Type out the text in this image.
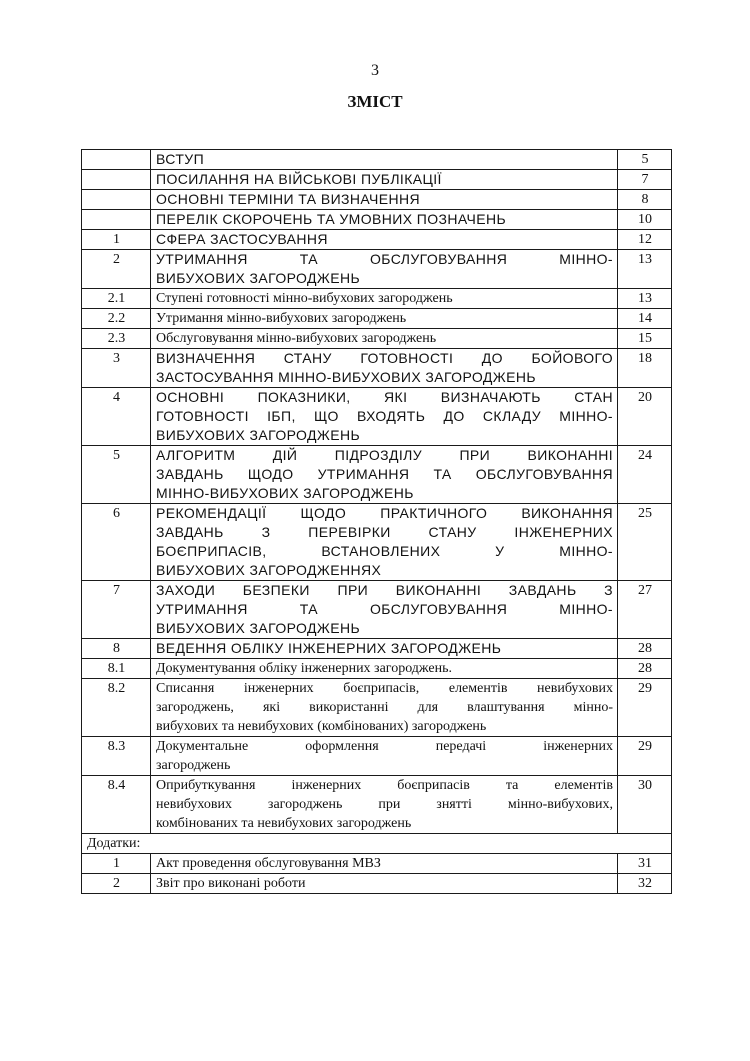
3
ЗМІСТ
	ВСТУП	5
	ПОСИЛАННЯ НА ВІЙСЬКОВІ ПУБЛІКАЦІЇ	7
	ОСНОВНІ ТЕРМІНИ ТА ВИЗНАЧЕННЯ	8
	ПЕРЕЛІК СКОРОЧЕНЬ ТА УМОВНИХ ПОЗНАЧЕНЬ	10
1	СФЕРА ЗАСТОСУВАННЯ	12
2	УТРИМАННЯ ТА ОБСЛУГОВУВАННЯ МІННО-
ВИБУХОВИХ ЗАГОРОДЖЕНЬ	13
2.1	Ступені готовності мінно-вибухових загороджень	13
2.2	Утримання мінно-вибухових загороджень	14
2.3	Обслуговування мінно-вибухових загороджень	15
3	ВИЗНАЧЕННЯ СТАНУ ГОТОВНОСТІ ДО БОЙОВОГО
ЗАСТОСУВАННЯ МІННО-ВИБУХОВИХ ЗАГОРОДЖЕНЬ	18
4	ОСНОВНІ ПОКАЗНИКИ, ЯКІ ВИЗНАЧАЮТЬ СТАН
ГОТОВНОСТІ ІБП, ЩО ВХОДЯТЬ ДО СКЛАДУ МІННО-
ВИБУХОВИХ ЗАГОРОДЖЕНЬ	20
5	АЛГОРИТМ ДІЙ ПІДРОЗДІЛУ ПРИ ВИКОНАННІ
ЗАВДАНЬ ЩОДО УТРИМАННЯ ТА ОБСЛУГОВУВАННЯ
МІННО-ВИБУХОВИХ ЗАГОРОДЖЕНЬ	24
6	РЕКОМЕНДАЦІЇ ЩОДО ПРАКТИЧНОГО ВИКОНАННЯ
ЗАВДАНЬ З ПЕРЕВІРКИ СТАНУ ІНЖЕНЕРНИХ
БОЄПРИПАСІВ, ВСТАНОВЛЕНИХ У МІННО-
ВИБУХОВИХ ЗАГОРОДЖЕННЯХ	25
7	ЗАХОДИ БЕЗПЕКИ ПРИ ВИКОНАННІ ЗАВДАНЬ З
УТРИМАННЯ ТА ОБСЛУГОВУВАННЯ МІННО-
ВИБУХОВИХ ЗАГОРОДЖЕНЬ	27
8	ВЕДЕННЯ ОБЛІКУ ІНЖЕНЕРНИХ ЗАГОРОДЖЕНЬ	28
8.1	Документування обліку інженерних загороджень.	28
8.2	Списання інженерних боєприпасів, елементів невибухових
загороджень, які використанні для влаштування мінно-
вибухових та невибухових (комбінованих) загороджень	29
8.3	Документальне оформлення передачі інженерних
загороджень	29
8.4	Оприбуткування інженерних боєприпасів та елементів
невибухових загороджень при знятті мінно-вибухових,
комбінованих та невибухових загороджень	30
Додатки:		
1	Акт проведення обслуговування МВЗ	31
2	Звіт про виконані роботи	32
